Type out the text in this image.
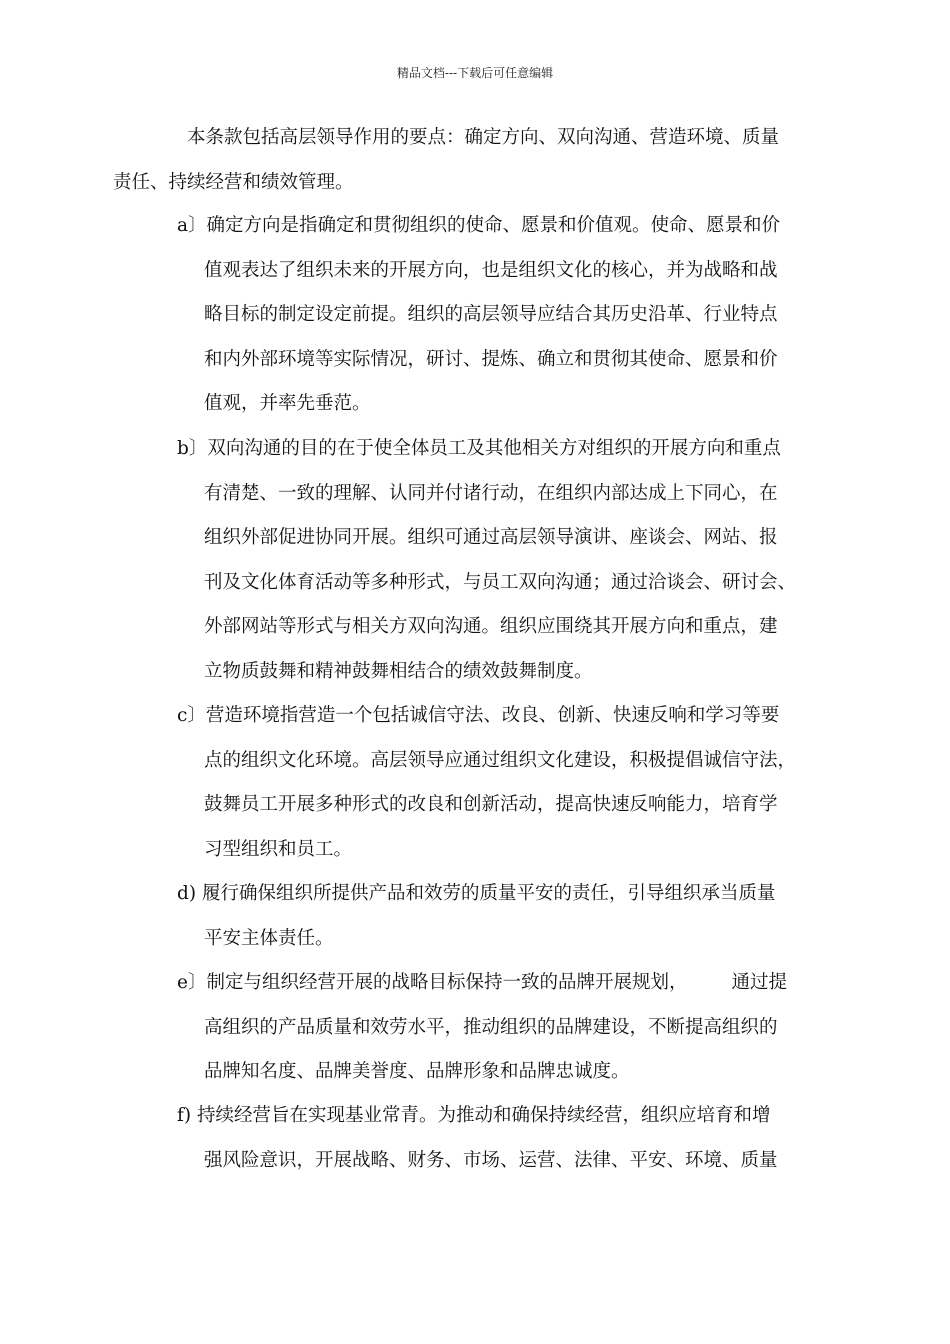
精品文档---下载后可任意编辑
本条款包括高层领导作用的要点：确定方向、双向沟通、营造环境、质量
责任、持续经营和绩效管理。
a〕确定方向是指确定和贯彻组织的使命、愿景和价值观。使命、愿景和价
值观表达了组织未来的开展方向，也是组织文化的核心，并为战略和战
略目标的制定设定前提。组织的高层领导应结合其历史沿革、行业特点
和内外部环境等实际情况，研讨、提炼、确立和贯彻其使命、愿景和价
值观，并率先垂范。
b〕双向沟通的目的在于使全体员工及其他相关方对组织的开展方向和重点
有清楚、一致的理解、认同并付诸行动，在组织内部达成上下同心，在
组织外部促进协同开展。组织可通过高层领导演讲、座谈会、网站、报
刊及文化体育活动等多种形式，与员工双向沟通；通过洽谈会、研讨会、
外部网站等形式与相关方双向沟通。组织应围绕其开展方向和重点，建
立物质鼓舞和精神鼓舞相结合的绩效鼓舞制度。
c〕营造环境指营造一个包括诚信守法、改良、创新、快速反响和学习等要
点的组织文化环境。高层领导应通过组织文化建设，积极提倡诚信守法，
鼓舞员工开展多种形式的改良和创新活动，提高快速反响能力，培育学
习型组织和员工。
d) 履行确保组织所提供产品和效劳的质量平安的责任，引导组织承当质量
平安主体责任。
e〕制定与组织经营开展的战略目标保持一致的品牌开展规划， 通过提
高组织的产品质量和效劳水平，推动组织的品牌建设，不断提高组织的
品牌知名度、品牌美誉度、品牌形象和品牌忠诚度。
f) 持续经营旨在实现基业常青。为推动和确保持续经营，组织应培育和增
强风险意识，开展战略、财务、市场、运营、法律、平安、环境、质量
